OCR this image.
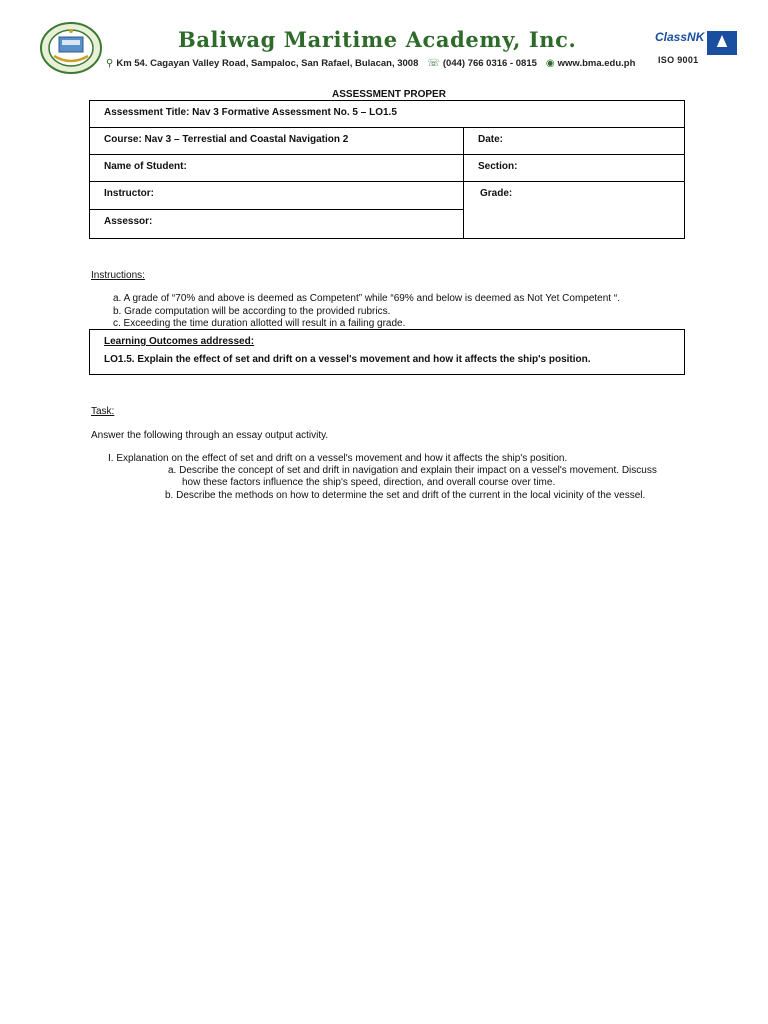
Baliwag Maritime Academy, Inc.
⚲ Km 54. Cagayan Valley Road, Sampaloc, San Rafael, Bulacan, 3008 ☏ (044) 766 0316 - 0815 ◉ www.bma.edu.ph
ClassNK
ISO 9001
ASSESSMENT PROPER
Assessment Title: Nav 3 Formative Assessment No. 5 – LO1.5
Course: Nav 3 – Terrestial and Coastal Navigation 2	Date:
Name of Student:	Section:
Instructor:	Grade:
Assessor:
Instructions:
a. A grade of “70% and above is deemed as Competent” while “69% and below is deemed as Not Yet Competent “.
b. Grade computation will be according to the provided rubrics.
c. Exceeding the time duration allotted will result in a failing grade.
Learning Outcomes addressed:
LO1.5. Explain the effect of set and drift on a vessel's movement and how it affects the ship's position.
Task:
Answer the following through an essay output activity.
I. Explanation on the effect of set and drift on a vessel's movement and how it affects the ship's position.
a. Describe the concept of set and drift in navigation and explain their impact on a vessel's movement. Discuss
how these factors influence the ship's speed, direction, and overall course over time.
b. Describe the methods on how to determine the set and drift of the current in the local vicinity of the vessel.
